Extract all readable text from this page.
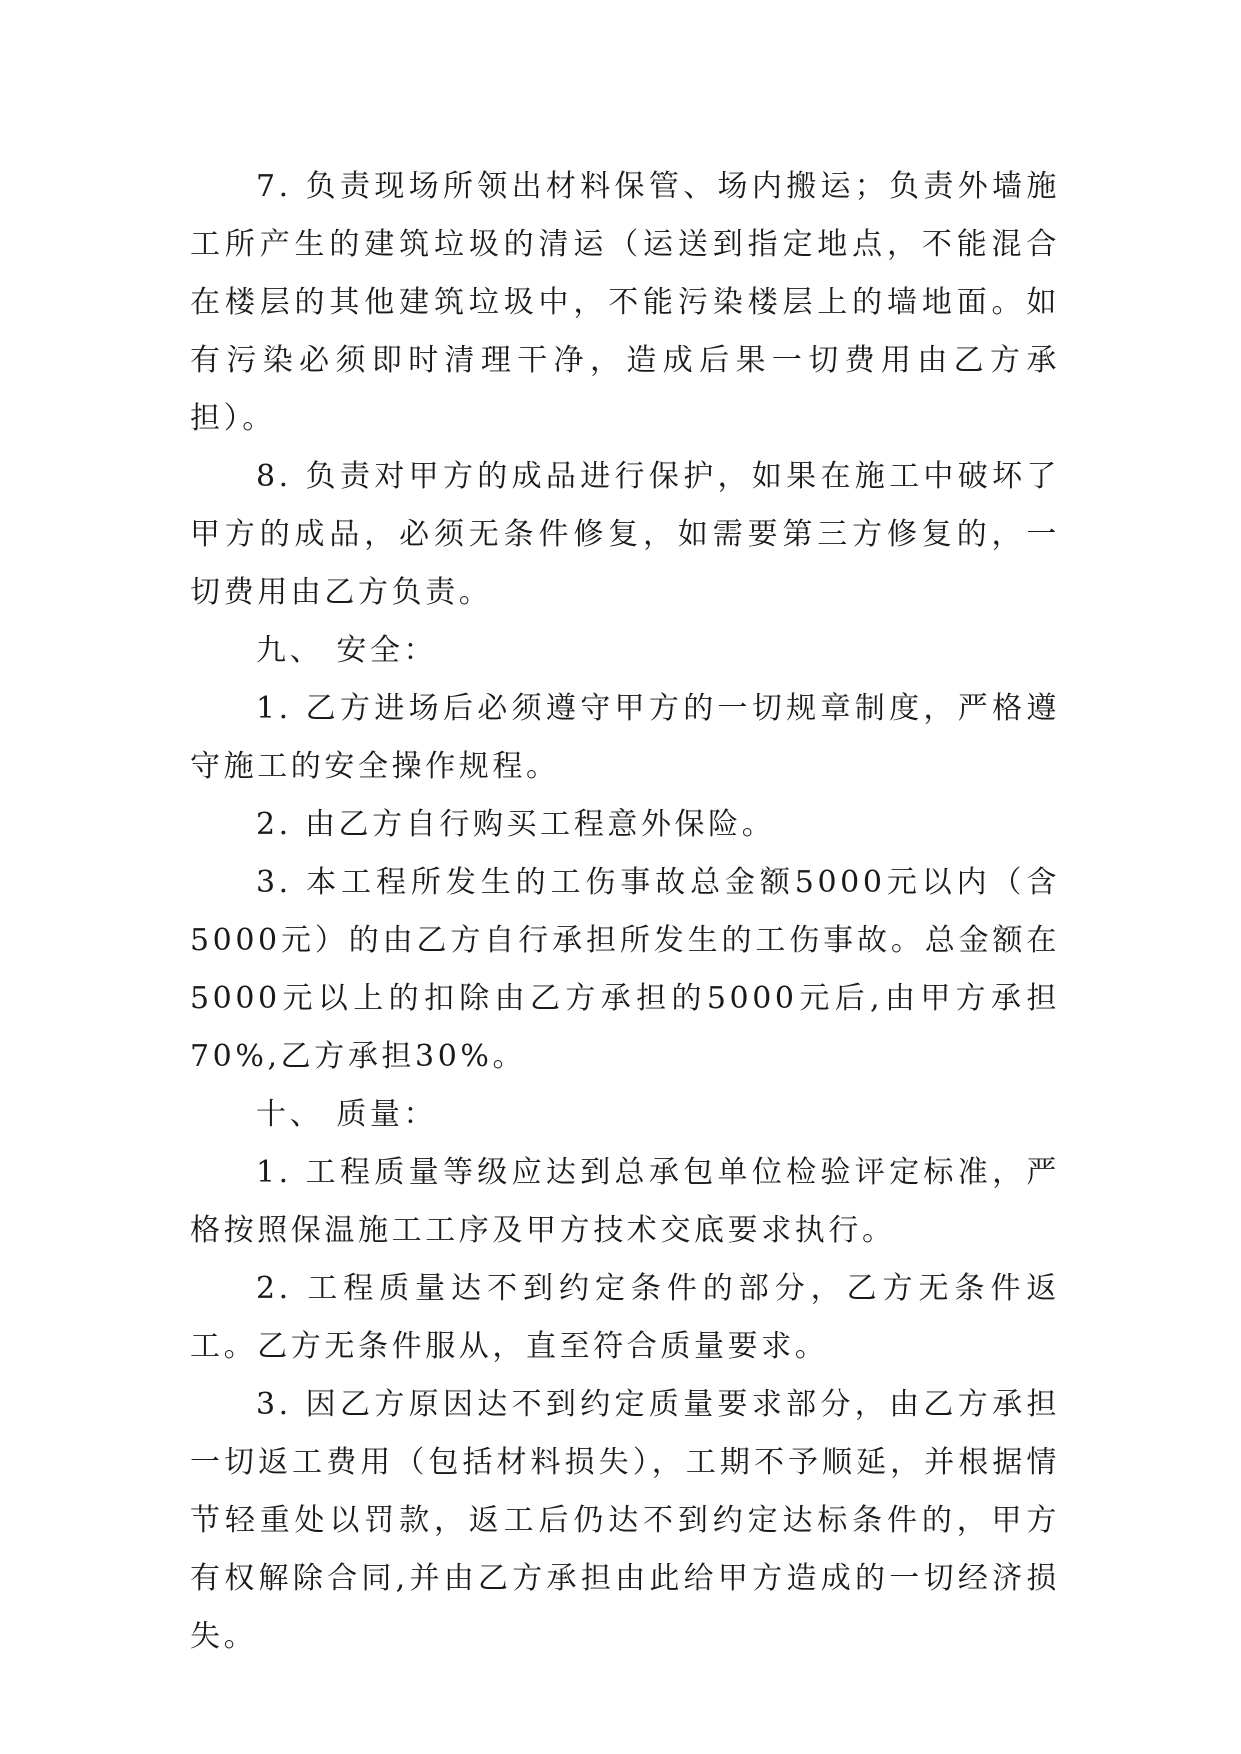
7. 负责现场所领出材料保管、场内搬运；负责外墙施工所产生的建筑垃圾的清运（运送到指定地点，不能混合在楼层的其他建筑垃圾中，不能污染楼层上的墙地面。如有污染必须即时清理干净，造成后果一切费用由乙方承担）。

8. 负责对甲方的成品进行保护，如果在施工中破坏了甲方的成品，必须无条件修复，如需要第三方修复的，一切费用由乙方负责。

九、 安全：

1. 乙方进场后必须遵守甲方的一切规章制度，严格遵守施工的安全操作规程。

2. 由乙方自行购买工程意外保险。

3. 本工程所发生的工伤事故总金额5000元以内（含5000元）的由乙方自行承担所发生的工伤事故。总金额在5000元以上的扣除由乙方承担的5000元后,由甲方承担70%,乙方承担30%。

十、 质量：

1. 工程质量等级应达到总承包单位检验评定标准，严格按照保温施工工序及甲方技术交底要求执行。

2. 工程质量达不到约定条件的部分，乙方无条件返工。乙方无条件服从，直至符合质量要求。

3. 因乙方原因达不到约定质量要求部分，由乙方承担一切返工费用（包括材料损失），工期不予顺延，并根据情节轻重处以罚款，返工后仍达不到约定达标条件的，甲方有权解除合同,并由乙方承担由此给甲方造成的一切经济损失。
